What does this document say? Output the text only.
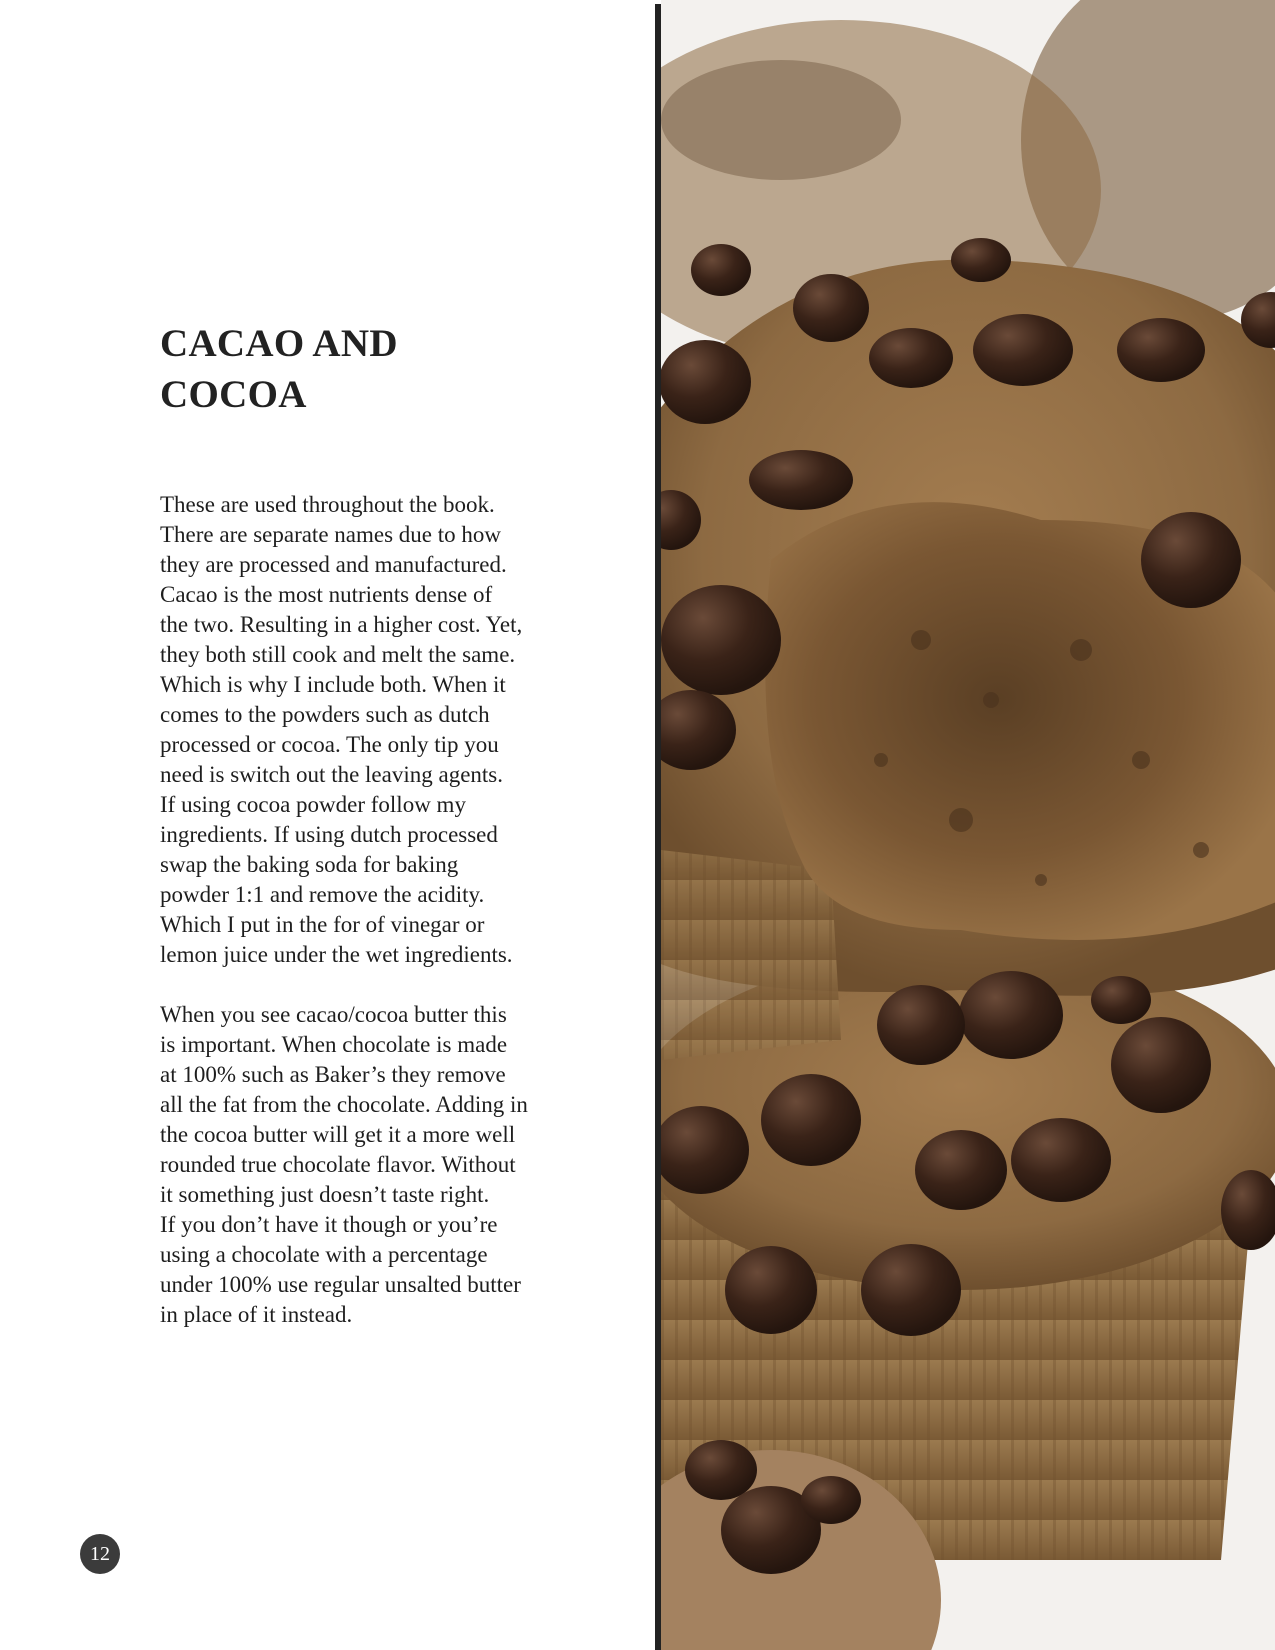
CACAO AND COCOA

These are used throughout the book.
There are separate names due to how
they are processed and manufactured.
Cacao is the most nutrients dense of
the two. Resulting in a higher cost. Yet,
they both still cook and melt the same.
Which is why I include both. When it
comes to the powders such as dutch
processed or cocoa. The only tip you
need is switch out the leaving agents.
If using cocoa powder follow my
ingredients. If using dutch processed
swap the baking soda for baking
powder 1:1 and remove the acidity.
Which I put in the for of vinegar or
lemon juice under the wet ingredients.

When you see cacao/cocoa butter this
is important. When chocolate is made
at 100% such as Baker’s they remove
all the fat from the chocolate. Adding in
the cocoa butter will get it a more well
rounded true chocolate flavor. Without
it something just doesn’t taste right.
If you don’t have it though or you’re
using a chocolate with a percentage
under 100% use regular unsalted butter
in place of it instead.

12
